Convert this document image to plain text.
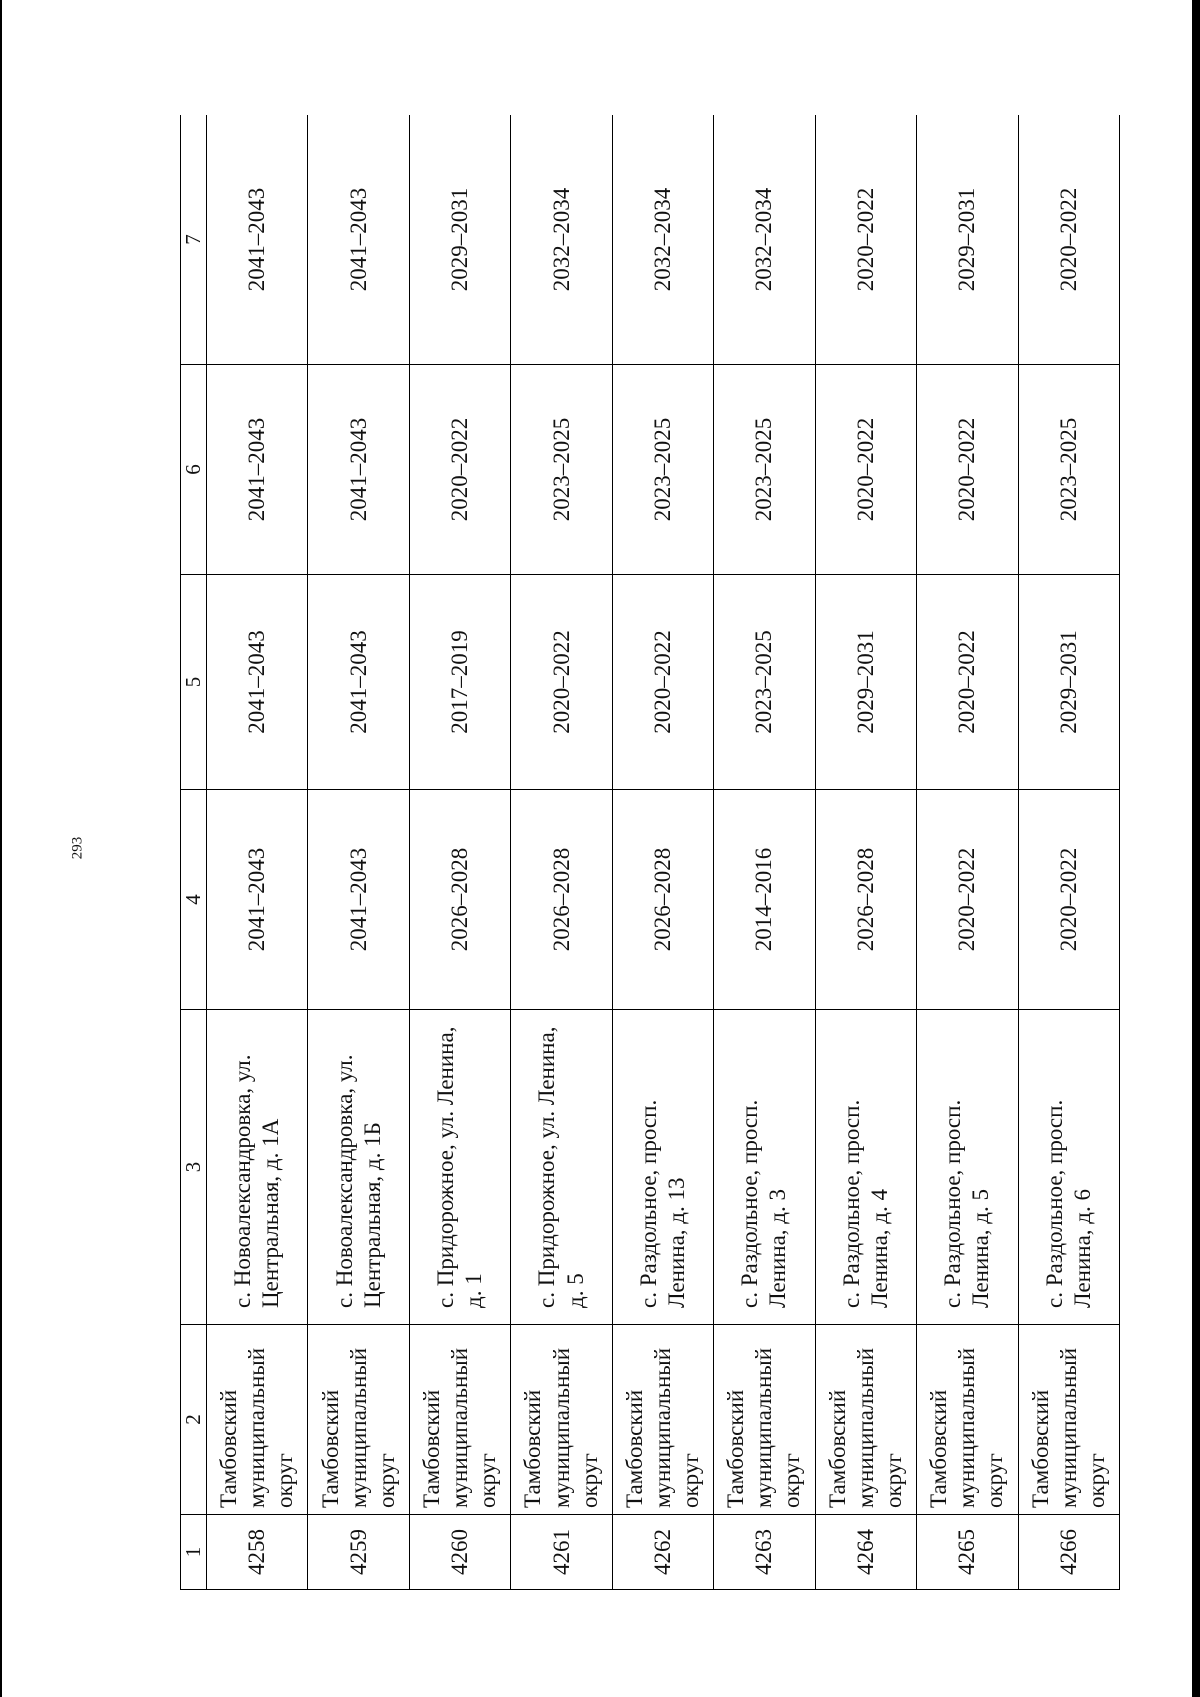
293
1	2	3	4	5	6	7
4258	Тамбовский муниципальный округ	с. Новоалександровка, ул. Центральная, д. 1А	2041–2043	2041–2043	2041–2043	2041–2043
4259	Тамбовский муниципальный округ	с. Новоалександровка, ул. Центральная, д. 1Б	2041–2043	2041–2043	2041–2043	2041–2043
4260	Тамбовский муниципальный округ	с. Придорожное, ул. Ленина, д. 1	2026–2028	2017–2019	2020–2022	2029–2031
4261	Тамбовский муниципальный округ	с. Придорожное, ул. Ленина, д. 5	2026–2028	2020–2022	2023–2025	2032–2034
4262	Тамбовский муниципальный округ	с. Раздольное, просп. Ленина, д. 13	2026–2028	2020–2022	2023–2025	2032–2034
4263	Тамбовский муниципальный округ	с. Раздольное, просп. Ленина, д. 3	2014–2016	2023–2025	2023–2025	2032–2034
4264	Тамбовский муниципальный округ	с. Раздольное, просп. Ленина, д. 4	2026–2028	2029–2031	2020–2022	2020–2022
4265	Тамбовский муниципальный округ	с. Раздольное, просп. Ленина, д. 5	2020–2022	2020–2022	2020–2022	2029–2031
4266	Тамбовский муниципальный округ	с. Раздольное, просп. Ленина, д. 6	2020–2022	2029–2031	2023–2025	2020–2022
